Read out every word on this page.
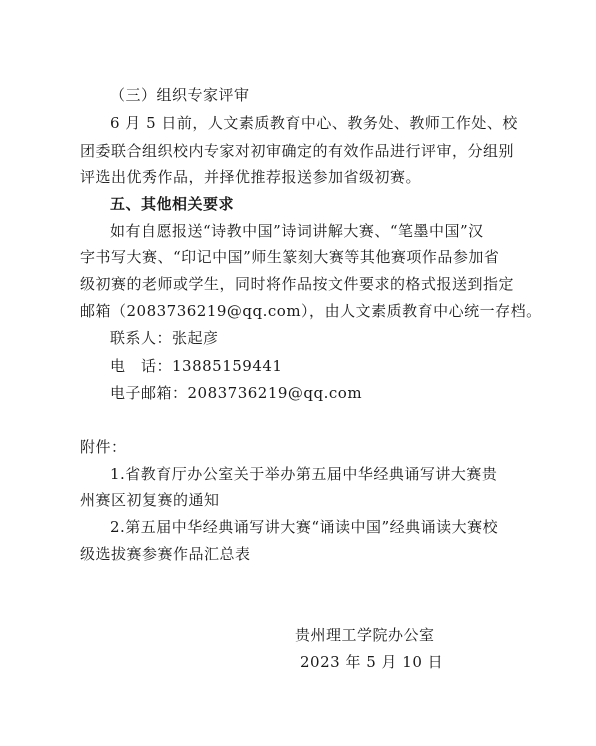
（三）组织专家评审
6 月 5 日前，人文素质教育中心、教务处、教师工作处、校
团委联合组织校内专家对初审确定的有效作品进行评审，分组别
评选出优秀作品，并择优推荐报送参加省级初赛。
五、其他相关要求
如有自愿报送“诗教中国”诗词讲解大赛、“笔墨中国”汉
字书写大赛、“印记中国”师生篆刻大赛等其他赛项作品参加省
级初赛的老师或学生，同时将作品按文件要求的格式报送到指定
邮箱（2083736219@qq.com），由人文素质教育中心统一存档。
联系人：张起彦
电　话：13885159441
电子邮箱：2083736219@qq.com
附件：
1.省教育厅办公室关于举办第五届中华经典诵写讲大赛贵
州赛区初复赛的通知
2.第五届中华经典诵写讲大赛“诵读中国”经典诵读大赛校
级选拔赛参赛作品汇总表
贵州理工学院办公室
2023 年 5 月 10 日
